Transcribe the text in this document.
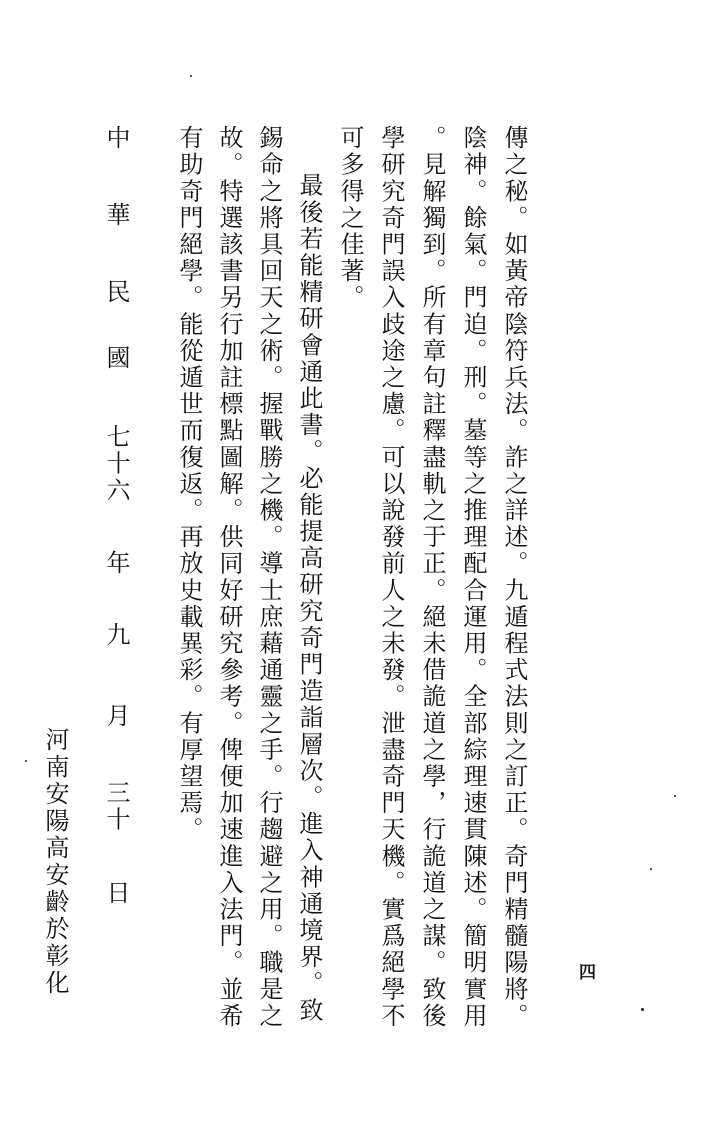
四
傳之秘。如黃帝陰符兵法。詐之詳述。九遁程式法則之訂正。奇門精髓陽將。
陰神。餘氣。門迫。刑。墓等之推理配合運用。全部綜理速貫陳述。簡明實用
。見解獨到。所有章句註釋盡軌之于正。絕未借詭道之學，行詭道之謀。致後
學研究奇門誤入歧途之慮。可以說發前人之未發。泄盡奇門天機。實爲絕學不
可多得之佳著。
　最後若能精研會通此書。必能提高研究奇門造詣層次。進入神通境界。致
錫命之將具回天之術。握戰勝之機。導士庶藉通靈之手。行趨避之用。職是之
故。特選該書另行加註標點圖解。供同好研究參考。俾便加速進入法門。並希
有助奇門絕學。能從遁世而復返。再放史載異彩。有厚望焉。
中
華
民
國
七十六
年
九
月
三十
日
河南安陽高安齡於彰化
